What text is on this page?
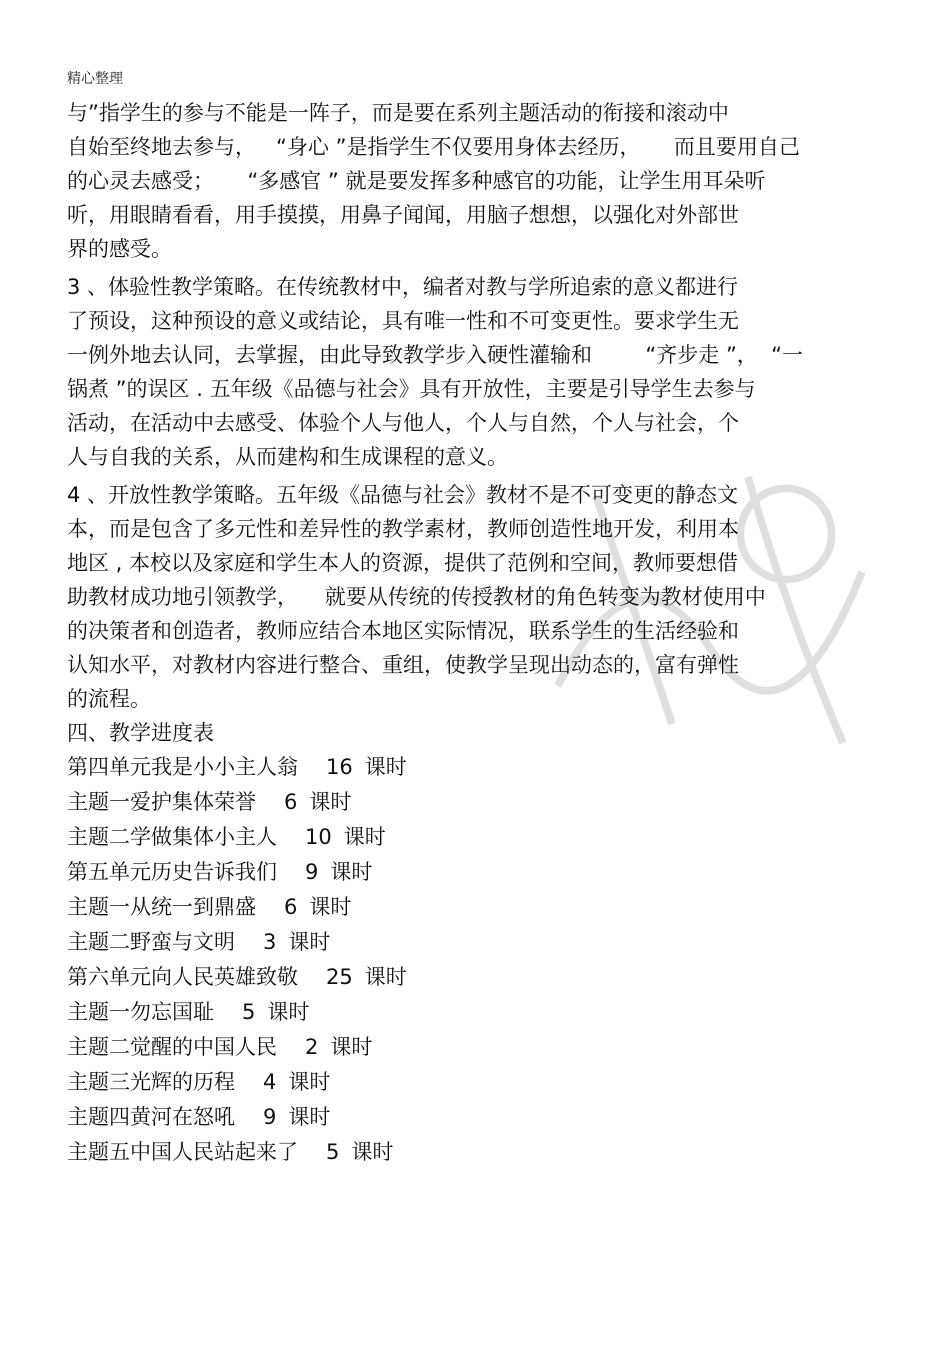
精心整理
与”指学生的参与不能是一阵子，而是要在系列主题活动的衔接和滚动中
自始至终地去参与，   “身心 ”是指学生不仅要用身体去经历，     而且要用自己
的心灵去感受；     “多感官 ” 就是要发挥多种感官的功能，让学生用耳朵听
听，用眼睛看看，用手摸摸，用鼻子闻闻，用脑子想想，以强化对外部世
界的感受。
3 、体验性教学策略。在传统教材中，编者对教与学所追索的意义都进行
了预设，这种预设的意义或结论，具有唯一性和不可变更性。要求学生无
一例外地去认同，去掌握，由此导致教学步入硬性灌输和        “齐步走 ”，  “一
锅煮 ”的误区 . 五年级《品德与社会》具有开放性，主要是引导学生去参与
活动，在活动中去感受、体验个人与他人，个人与自然，个人与社会，个
人与自我的关系，从而建构和生成课程的意义。
4 、开放性教学策略。五年级《品德与社会》教材不是不可变更的静态文
本，而是包含了多元性和差异性的教学素材，教师创造性地开发，利用本
地区 , 本校以及家庭和学生本人的资源，提供了范例和空间，教师要想借
助教材成功地引领教学，    就要从传统的传授教材的角色转变为教材使用中
的决策者和创造者，教师应结合本地区实际情况，联系学生的生活经验和
认知水平，对教材内容进行整合、重组，使教学呈现出动态的，富有弹性
的流程。
四、教学进度表
第四单元我是小小主人翁 16 课时
主题一爱护集体荣誉 6 课时
主题二学做集体小主人 10 课时
第五单元历史告诉我们 9 课时
主题一从统一到鼎盛 6 课时
主题二野蛮与文明 3 课时
第六单元向人民英雄致敬 25 课时
主题一勿忘国耻 5 课时
主题二觉醒的中国人民 2 课时
主题三光辉的历程 4 课时
主题四黄河在怒吼 9 课时
主题五中国人民站起来了 5 课时
